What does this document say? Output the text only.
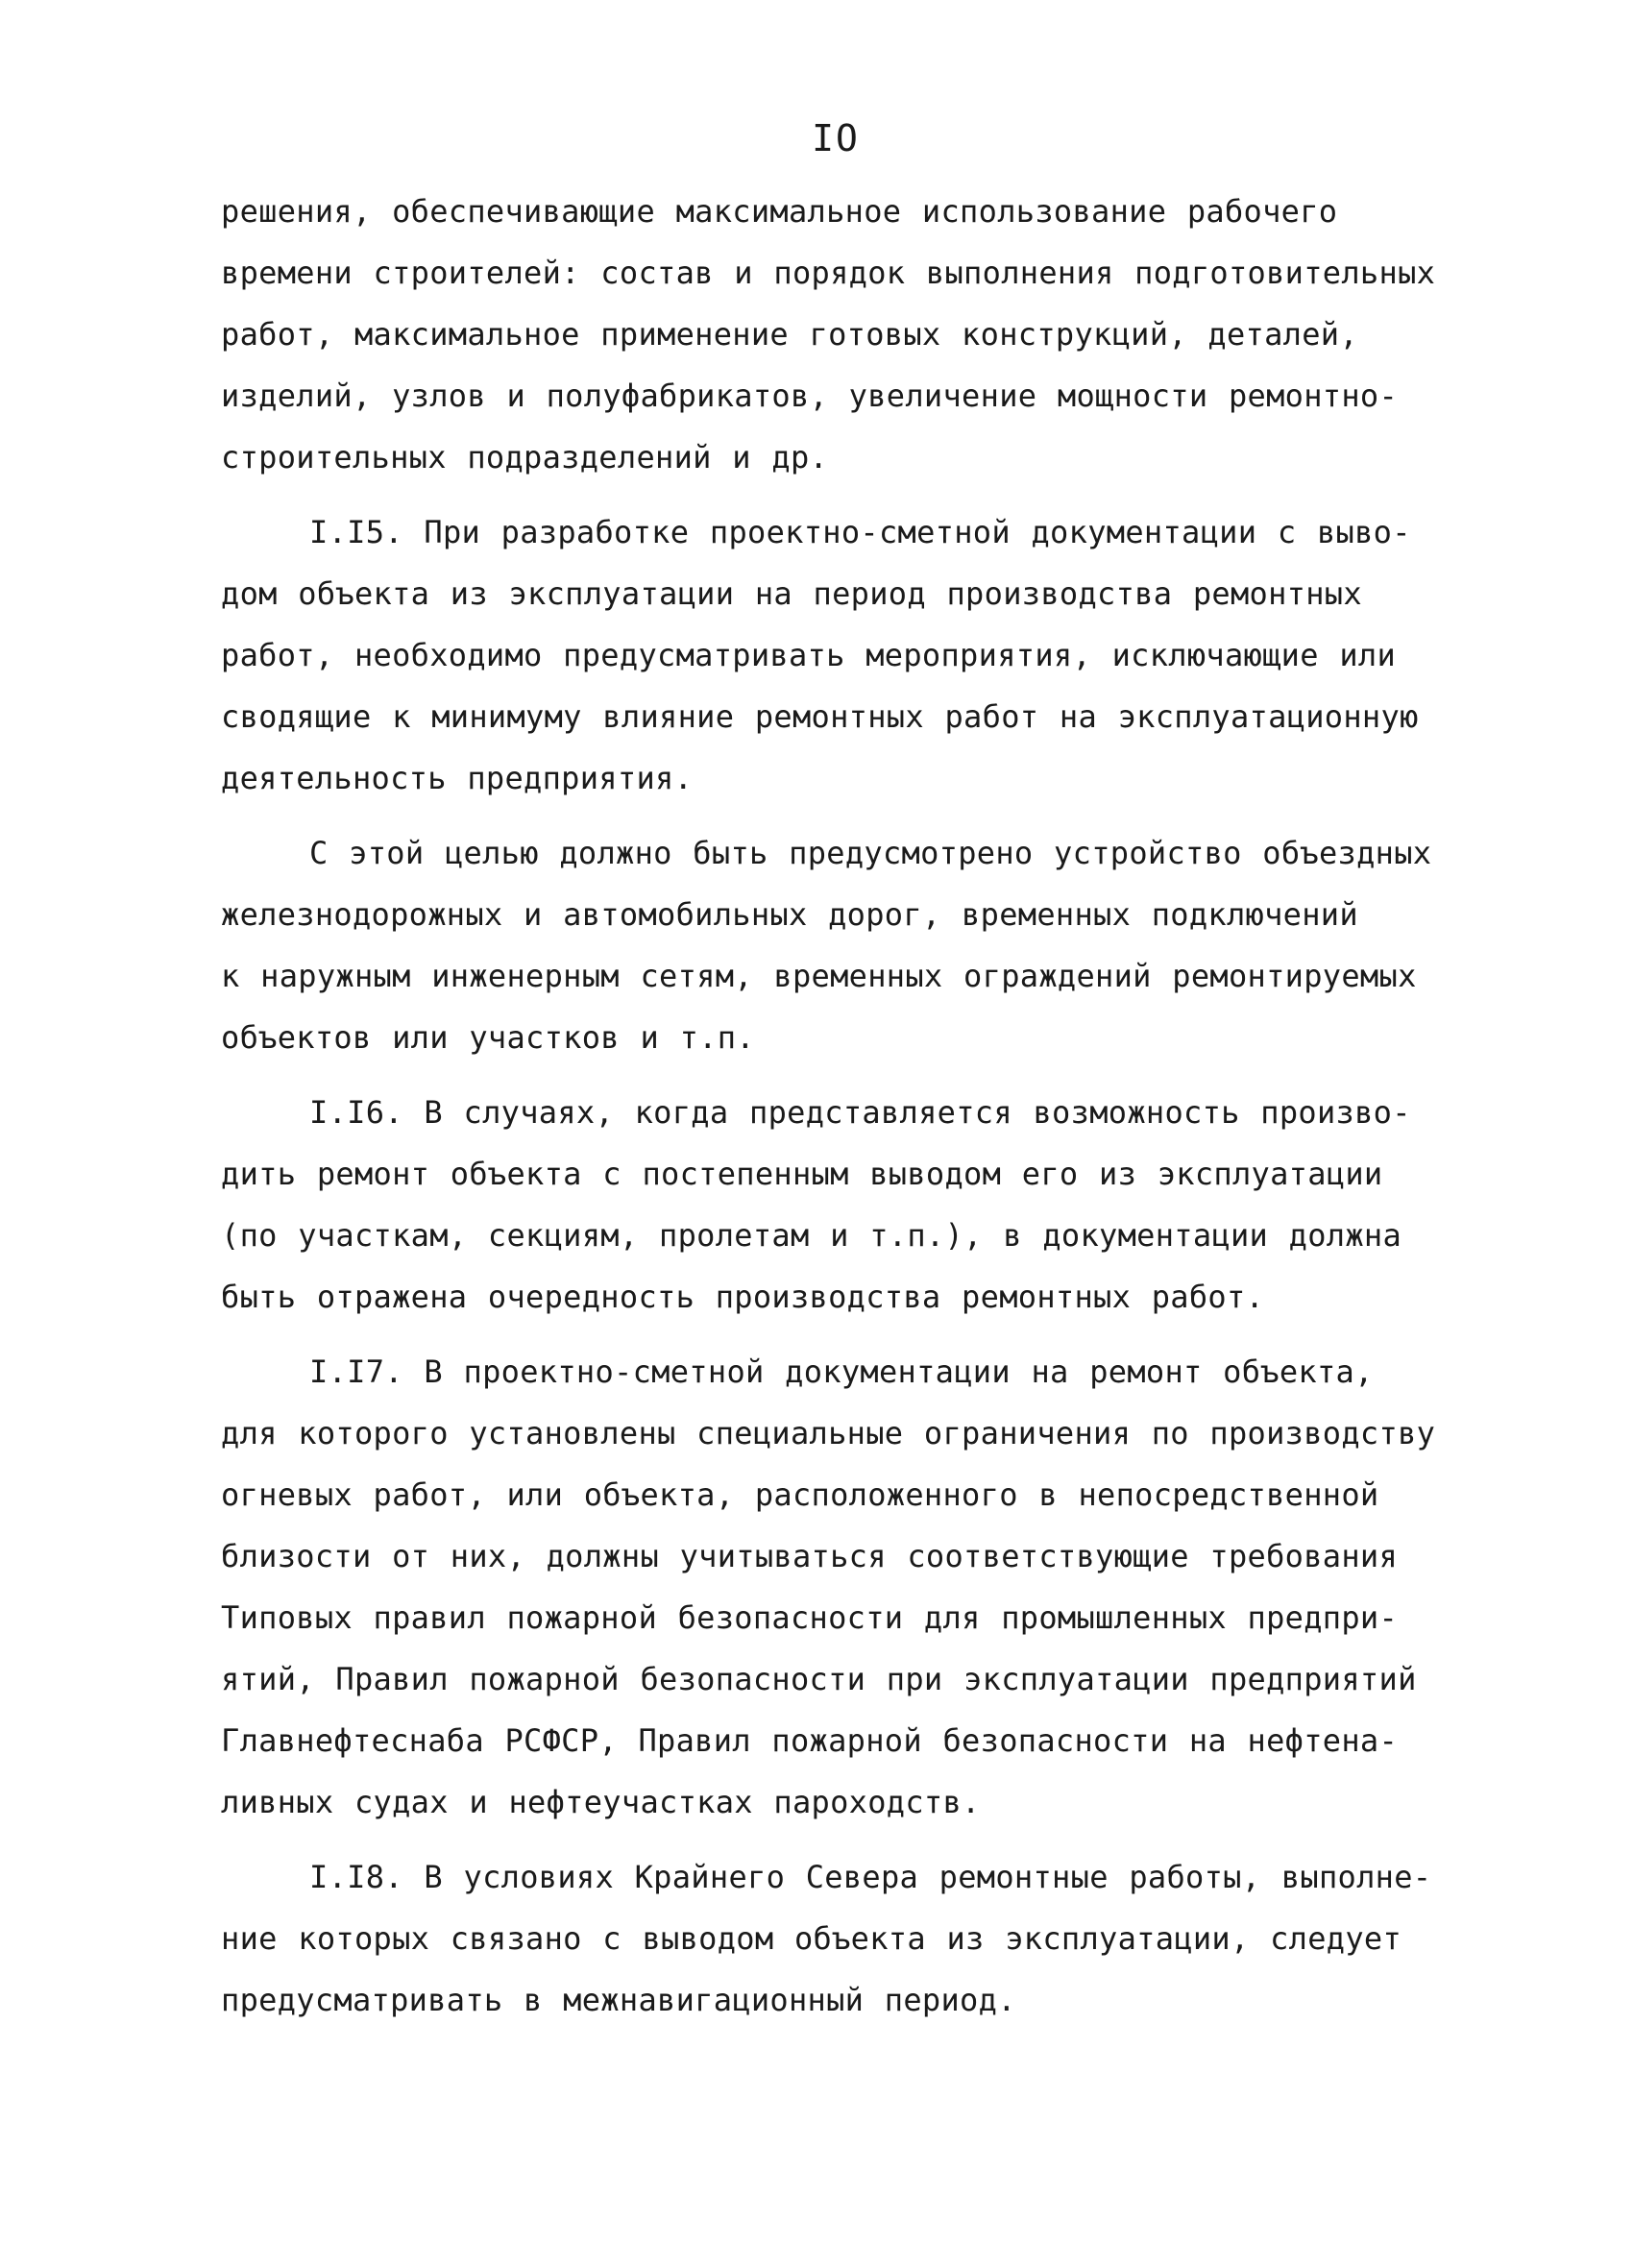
IO

решения, обеспечивающие максимальное использование рабочего
времени строителей: состав и порядок выполнения подготовительных
работ, максимальное применение готовых конструкций, деталей,
изделий, узлов и полуфабрикатов, увеличение мощности ремонтно-
строительных подразделений и др.

I.I5. При разработке проектно-сметной документации с выво-
дом объекта из эксплуатации на период производства ремонтных
работ, необходимо предусматривать мероприятия, исключающие или
сводящие к минимуму влияние ремонтных работ на эксплуатационную
деятельность предприятия.

С этой целью должно быть предусмотрено устройство объездных
железнодорожных и автомобильных дорог, временных подключений
к наружным инженерным сетям, временных ограждений ремонтируемых
объектов или участков и т.п.

I.I6. В случаях, когда представляется возможность произво-
дить ремонт объекта с постепенным выводом его из эксплуатации
(по участкам, секциям, пролетам и т.п.), в документации должна
быть отражена очередность производства ремонтных работ.

I.I7. В проектно-сметной документации на ремонт объекта,
для которого установлены специальные ограничения по производству
огневых работ, или объекта, расположенного в непосредственной
близости от них, должны учитываться соответствующие требования
Типовых правил пожарной безопасности для промышленных предпри-
ятий, Правил пожарной безопасности при эксплуатации предприятий
Главнефтеснаба РСФСР, Правил пожарной безопасности на нефтена-
ливных судах и нефтеучастках пароходств.

I.I8. В условиях Крайнего Севера ремонтные работы, выполне-
ние которых связано с выводом объекта из эксплуатации, следует
предусматривать в межнавигационный период.
